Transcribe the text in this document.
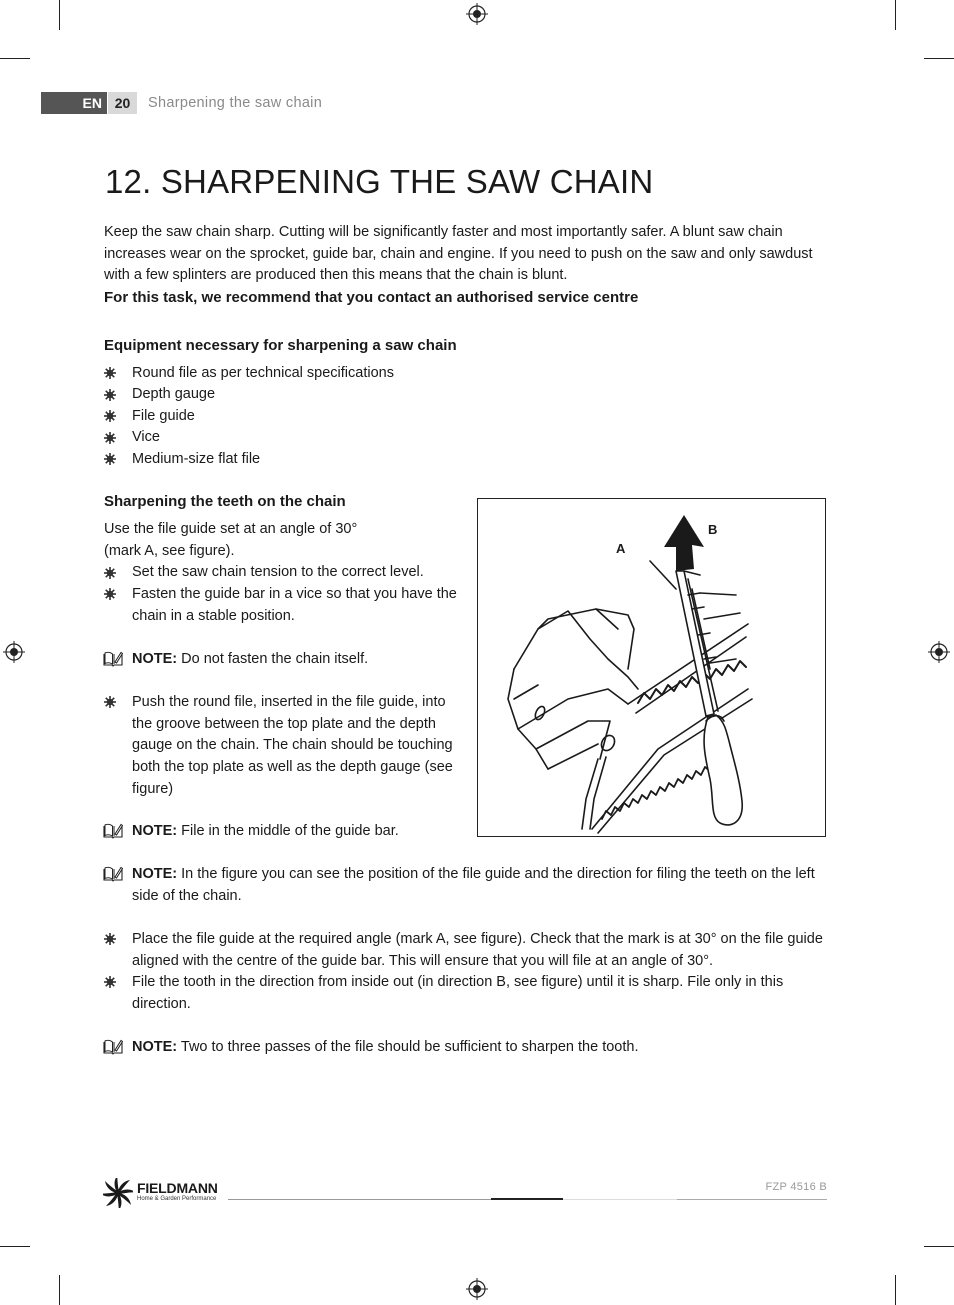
EN 20	Sharpening the saw chain
12. SHARPENING THE SAW CHAIN
Keep the saw chain sharp. Cutting will be significantly faster and most importantly safer. A blunt saw chain
increases wear on the sprocket, guide bar, chain and engine. If you need to push on the saw and only sawdust
with a few splinters are produced then this means that the chain is blunt.
For this task, we recommend that you contact an authorised service centre
Equipment necessary for sharpening a saw chain
Round file as per technical specifications
Depth gauge
File guide
Vice
Medium-size flat file
Sharpening the teeth on the chain
Use the file guide set at an angle of 30°
(mark A, see figure).
Set the saw chain tension to the correct level.
Fasten the guide bar in a vice so that you have the
chain in a stable position.
NOTE: Do not fasten the chain itself.
Push the round file, inserted in the file guide, into
the groove between the top plate and the depth
gauge on the chain. The chain should be touching
both the top plate as well as the depth gauge (see
figure)
NOTE: File in the middle of the guide bar.
A
B
NOTE: In the figure you can see the position of the file guide and the direction for filing the teeth on the left
side of the chain.
Place the file guide at the required angle (mark A, see figure). Check that the mark is at 30° on the file guide
aligned with the centre of the guide bar. This will ensure that you will file at an angle of 30°.
File the tooth in the direction from inside out (in direction B, see figure) until it is sharp. File only in this
direction.
NOTE: Two to three passes of the file should be sufficient to sharpen the tooth.
FIELDMANN
Home & Garden Performance
FZP 4516 B
